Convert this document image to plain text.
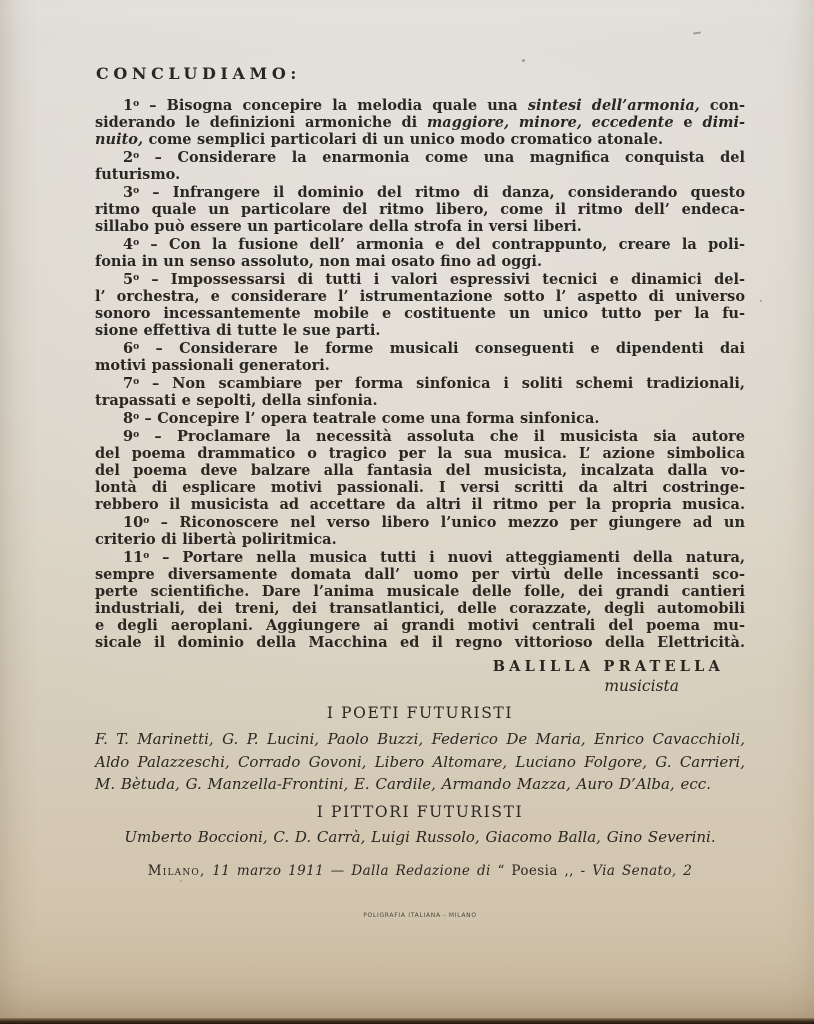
CONCLUDIAMO:
1$^o$ – Bisogna concepire la melodia quale una sintesi dell’armonia, con-
siderando le definizioni armoniche di maggiore, minore, eccedente e dimi-
nuito, come semplici particolari di un unico modo cromatico atonale.
2$^o$ – Considerare la enarmonia come una magnifica conquista del
futurismo.
3$^o$ – Infrangere il dominio del ritmo di danza, considerando questo
ritmo quale un particolare del ritmo libero, come il ritmo dell’ endeca-
sillabo può essere un particolare della strofa in versi liberi.
4$^o$ – Con la fusione dell’ armonia e del contrappunto, creare la poli-
fonia in un senso assoluto, non mai osato fino ad oggi.
5$^o$ – Impossessarsi di tutti i valori espressivi tecnici e dinamici del-
l’ orchestra, e considerare l’ istrumentazione sotto l’ aspetto di universo
sonoro incessantemente mobile e costituente un unico tutto per la fu-
sione effettiva di tutte le sue parti.
6$^o$ – Considerare le forme musicali conseguenti e dipendenti dai
motivi passionali generatori.
7$^o$ – Non scambiare per forma sinfonica i soliti schemi tradizionali,
trapassati e sepolti, della sinfonia.
8$^o$ – Concepire l’ opera teatrale come una forma sinfonica.
9$^o$ – Proclamare la necessità assoluta che il musicista sia autore
del poema drammatico o tragico per la sua musica. L’ azione simbolica
del poema deve balzare alla fantasia del musicista, incalzata dalla vo-
lontà di esplicare motivi passionali. I versi scritti da altri costringe-
rebbero il musicista ad accettare da altri il ritmo per la propria musica.
10$^o$ – Riconoscere nel verso libero l’unico mezzo per giungere ad un
criterio di libertà poliritmica.
11$^o$ – Portare nella musica tutti i nuovi atteggiamenti della natura,
sempre diversamente domata dall’ uomo per virtù delle incessanti sco-
perte scientifiche. Dare l’anima musicale delle folle, dei grandi cantieri
industriali, dei treni, dei transatlantici, delle corazzate, degli automobili
e degli aeroplani. Aggiungere ai grandi motivi centrali del poema mu-
sicale il dominio della Macchina ed il regno vittorioso della Elettricità.
BALILLA PRATELLA
musicista
I POETI FUTURISTI
F. T. Marinetti, G. P. Lucini, Paolo Buzzi, Federico De Maria, Enrico Cavacchioli,
Aldo Palazzeschi, Corrado Govoni, Libero Altomare, Luciano Folgore, G. Carrieri,
M. Bètuda, G. Manzella-Frontini, E. Cardile, Armando Mazza, Auro D’Alba, ecc.
I PITTORI FUTURISTI
Umberto Boccioni, C. D. Carrà, Luigi Russolo, Giacomo Balla, Gino Severini.
Milano, 11 marzo 1911 — Dalla Redazione di “ Poesia ,, - Via Senato, 2
POLIGRAFIA ITALIANA - MILANO
